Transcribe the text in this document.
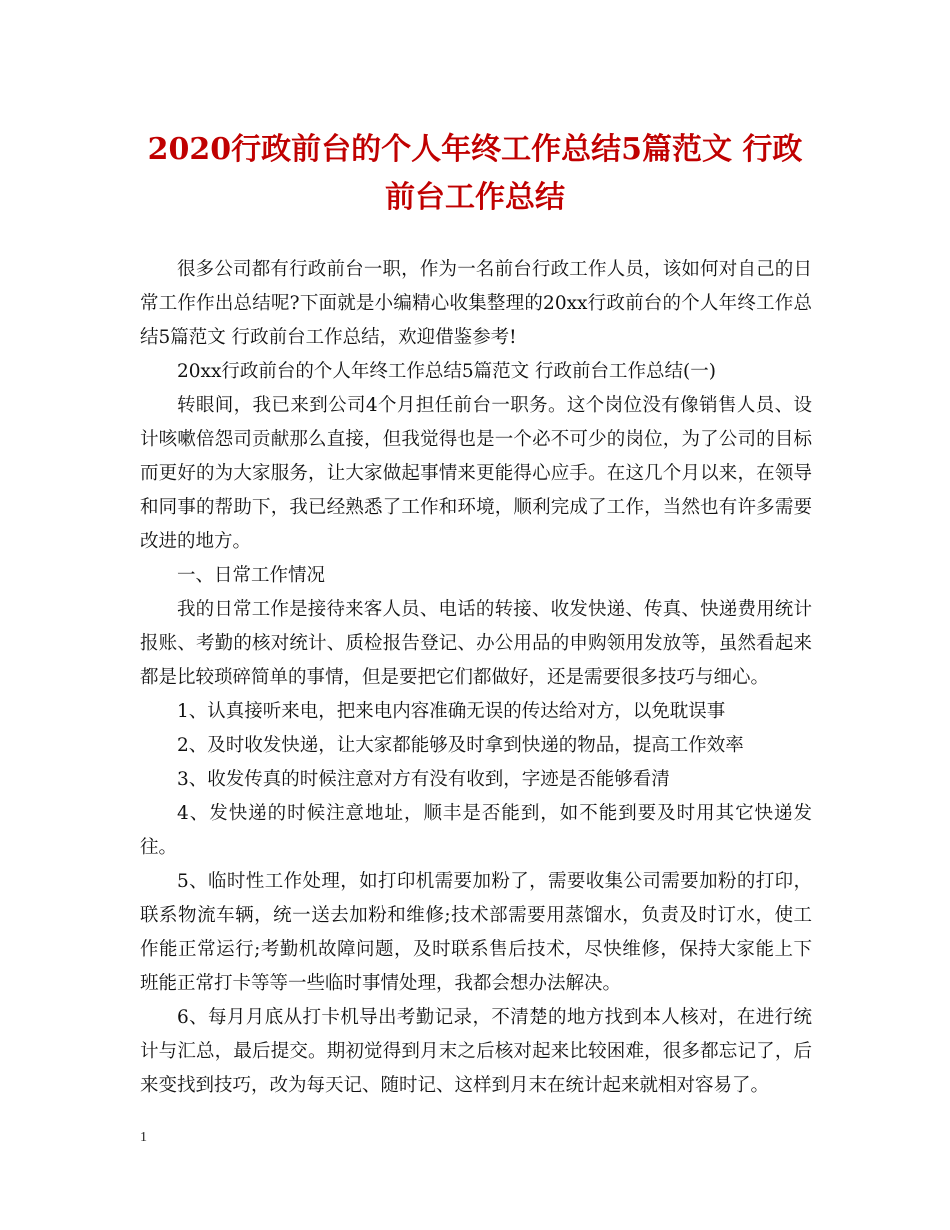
2020行政前台的个人年终工作总结5篇范文 行政前台工作总结

很多公司都有行政前台一职，作为一名前台行政工作人员，该如何对自己的日常工作作出总结呢?下面就是小编精心收集整理的20xx行政前台的个人年终工作总结5篇范文 行政前台工作总结，欢迎借鉴参考!

20xx行政前台的个人年终工作总结5篇范文 行政前台工作总结(一)

转眼间，我已来到公司4个月担任前台一职务。这个岗位没有像销售人员、设计咳嗽倍怨司贡献那么直接，但我觉得也是一个必不可少的岗位，为了公司的目标而更好的为大家服务，让大家做起事情来更能得心应手。在这几个月以来，在领导和同事的帮助下，我已经熟悉了工作和环境，顺利完成了工作，当然也有许多需要改进的地方。

一、日常工作情况

我的日常工作是接待来客人员、电话的转接、收发快递、传真、快递费用统计报账、考勤的核对统计、质检报告登记、办公用品的申购领用发放等，虽然看起来都是比较琐碎简单的事情，但是要把它们都做好，还是需要很多技巧与细心。

1、认真接听来电，把来电内容准确无误的传达给对方，以免耽误事

2、及时收发快递，让大家都能够及时拿到快递的物品，提高工作效率

3、收发传真的时候注意对方有没有收到，字迹是否能够看清

4、发快递的时候注意地址，顺丰是否能到，如不能到要及时用其它快递发往。

5、临时性工作处理，如打印机需要加粉了，需要收集公司需要加粉的打印，联系物流车辆，统一送去加粉和维修;技术部需要用蒸馏水，负责及时订水，使工作能正常运行;考勤机故障问题，及时联系售后技术，尽快维修，保持大家能上下班能正常打卡等等一些临时事情处理，我都会想办法解决。

6、每月月底从打卡机导出考勤记录，不清楚的地方找到本人核对，在进行统计与汇总，最后提交。期初觉得到月末之后核对起来比较困难，很多都忘记了，后来变找到技巧，改为每天记、随时记、这样到月末在统计起来就相对容易了。

1
